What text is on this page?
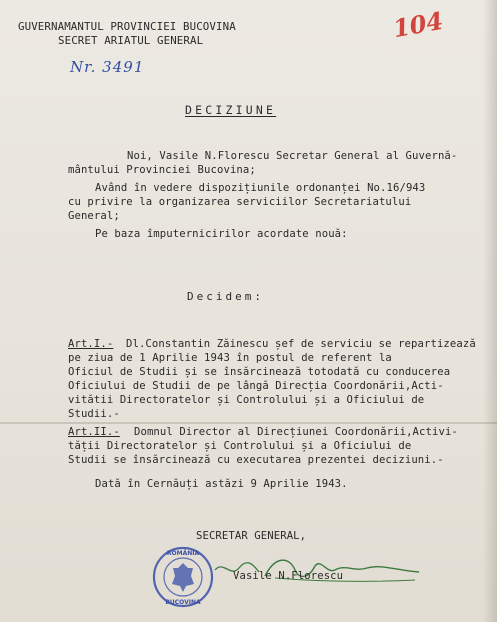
GUVERNAMANTUL PROVINCIEI BUCOVINA
SECRET ARIATUL GENERAL
Nr. 3491
104
DECIZIUNE
Noi, Vasile N.Florescu Secretar General al Guvernă-
mântului Provinciei Bucovina;
Având în vedere dispozițiunile ordonanței No.16/943
cu privire la organizarea serviciilor Secretariatului
General;
Pe baza împuternicirilor acordate nouă:
Decidem:
Art.I.- Dl.Constantin Zăinescu șef de serviciu se repartizează
pe ziua de 1 Aprilie 1943 în postul de referent la
Oficiul de Studii și se însărcinează totodată cu conducerea
Oficiului de Studii de pe lângă Direcția Coordonării,Acti-
vitătii Directoratelor și Controlului și a Oficiului de
Studii.-
Art.II.- Domnul Director al Direcțiunei Coordonării,Activi-
tății Directoratelor și Controlului și a Oficiului de
Studii se însărcinează cu executarea prezentei deciziuni.-
Dată în Cernăuți astăzi 9 Aprilie 1943.
SECRETAR GENERAL,
Vasile N.Florescu
ROMÂNIA
BUCOVINA
